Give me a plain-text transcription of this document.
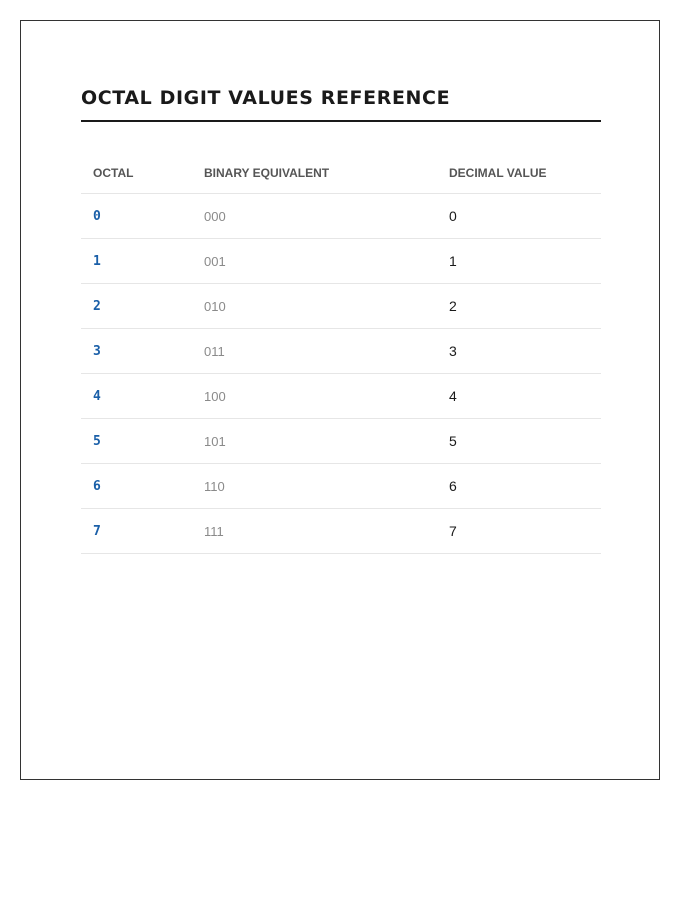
OCTAL DIGIT VALUES REFERENCE
OCTAL	BINARY EQUIVALENT	DECIMAL VALUE
0	000	0
1	001	1
2	010	2
3	011	3
4	100	4
5	101	5
6	110	6
7	111	7
